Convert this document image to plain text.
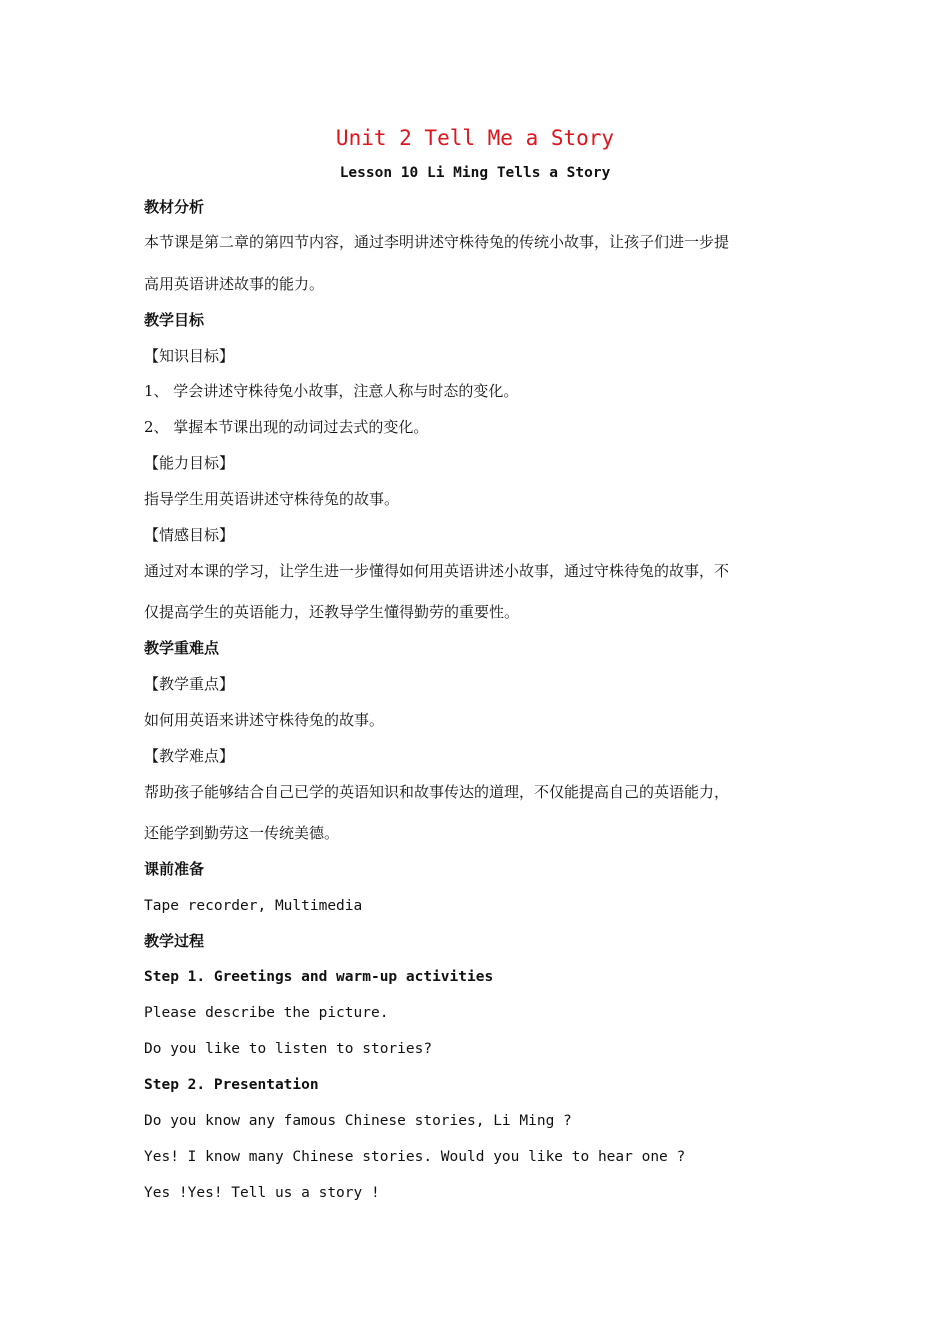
Unit 2 Tell Me a Story
Lesson 10 Li Ming Tells a Story
教材分析
本节课是第二章的第四节内容，通过李明讲述守株待兔的传统小故事，让孩子们进一步提
高用英语讲述故事的能力。
教学目标
【知识目标】
1、 学会讲述守株待兔小故事，注意人称与时态的变化。
2、 掌握本节课出现的动词过去式的变化。
【能力目标】
指导学生用英语讲述守株待兔的故事。
【情感目标】
通过对本课的学习，让学生进一步懂得如何用英语讲述小故事，通过守株待兔的故事，不
仅提高学生的英语能力，还教导学生懂得勤劳的重要性。
教学重难点
【教学重点】
如何用英语来讲述守株待兔的故事。
【教学难点】
帮助孩子能够结合自己已学的英语知识和故事传达的道理，不仅能提高自己的英语能力，
还能学到勤劳这一传统美德。
课前准备
Tape recorder, Multimedia
教学过程
Step 1. Greetings and warm-up activities
Please describe the picture.
Do you like to listen to stories?
Step 2. Presentation
Do you know any famous Chinese stories, Li Ming ?
Yes! I know many Chinese stories. Would you like to hear one ?
Yes !Yes! Tell us a story !
